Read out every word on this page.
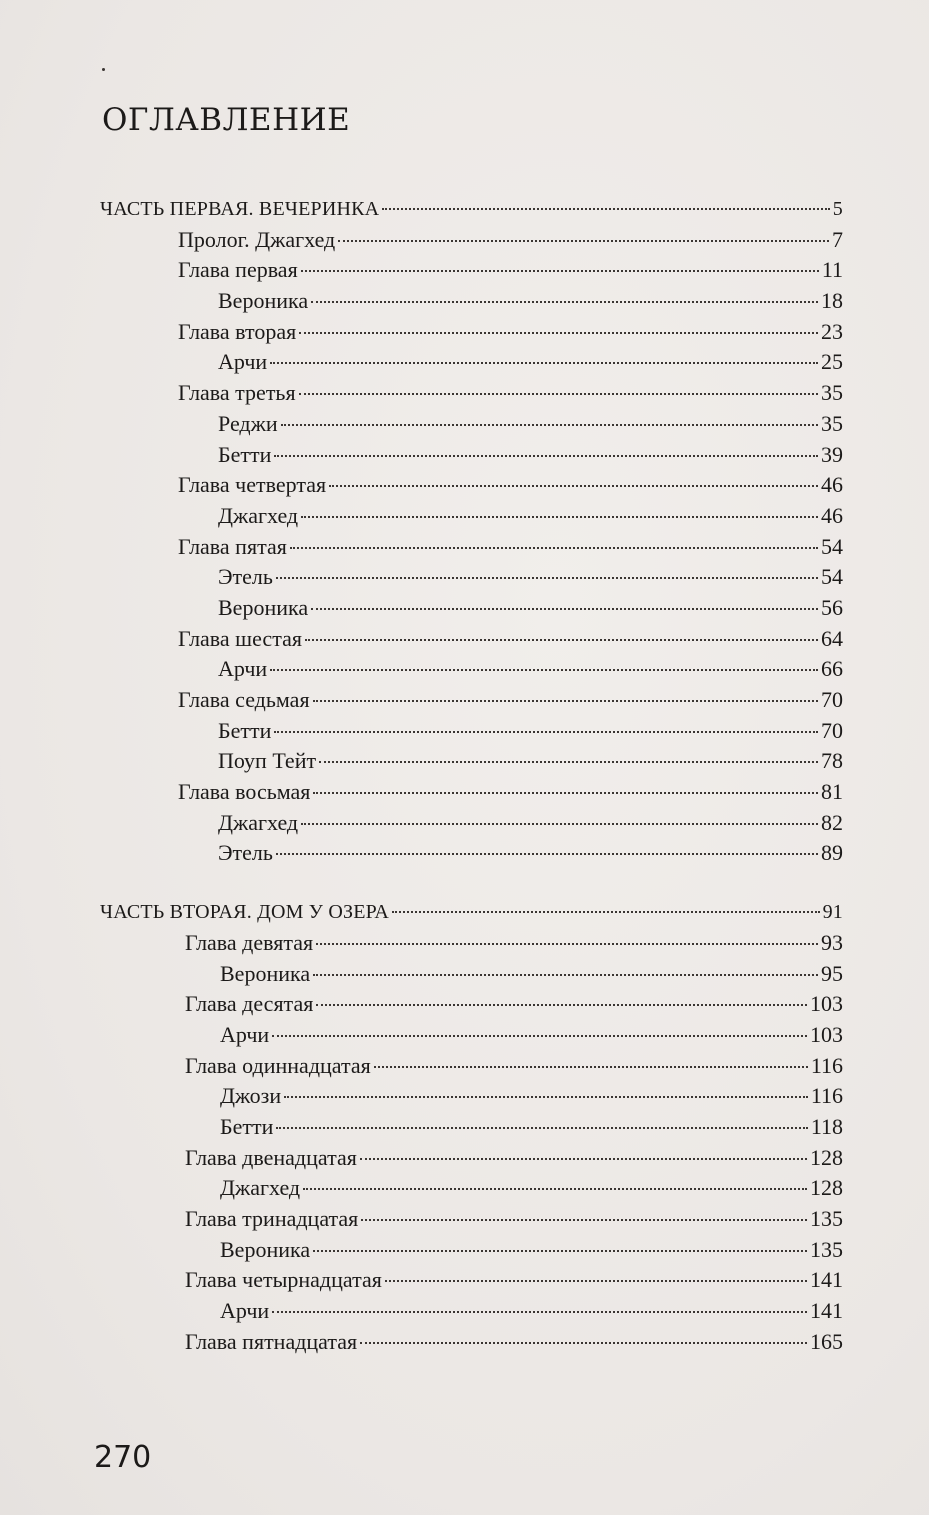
ОГЛАВЛЕНИЕ
ЧАСТЬ ПЕРВАЯ. ВЕЧЕРИНКА	5
Пролог. Джагхед	7
Глава первая	11
Вероника	18
Глава вторая	23
Арчи	25
Глава третья	35
Реджи	35
Бетти	39
Глава четвертая	46
Джагхед	46
Глава пятая	54
Этель	54
Вероника	56
Глава шестая	64
Арчи	66
Глава седьмая	70
Бетти	70
Поуп Тейт	78
Глава восьмая	81
Джагхед	82
Этель	89
ЧАСТЬ ВТОРАЯ. ДОМ У ОЗЕРА	91
Глава девятая	93
Вероника	95
Глава десятая	103
Арчи	103
Глава одиннадцатая	116
Джози	116
Бетти	118
Глава двенадцатая	128
Джагхед	128
Глава тринадцатая	135
Вероника	135
Глава четырнадцатая	141
Арчи	141
Глава пятнадцатая	165
270
